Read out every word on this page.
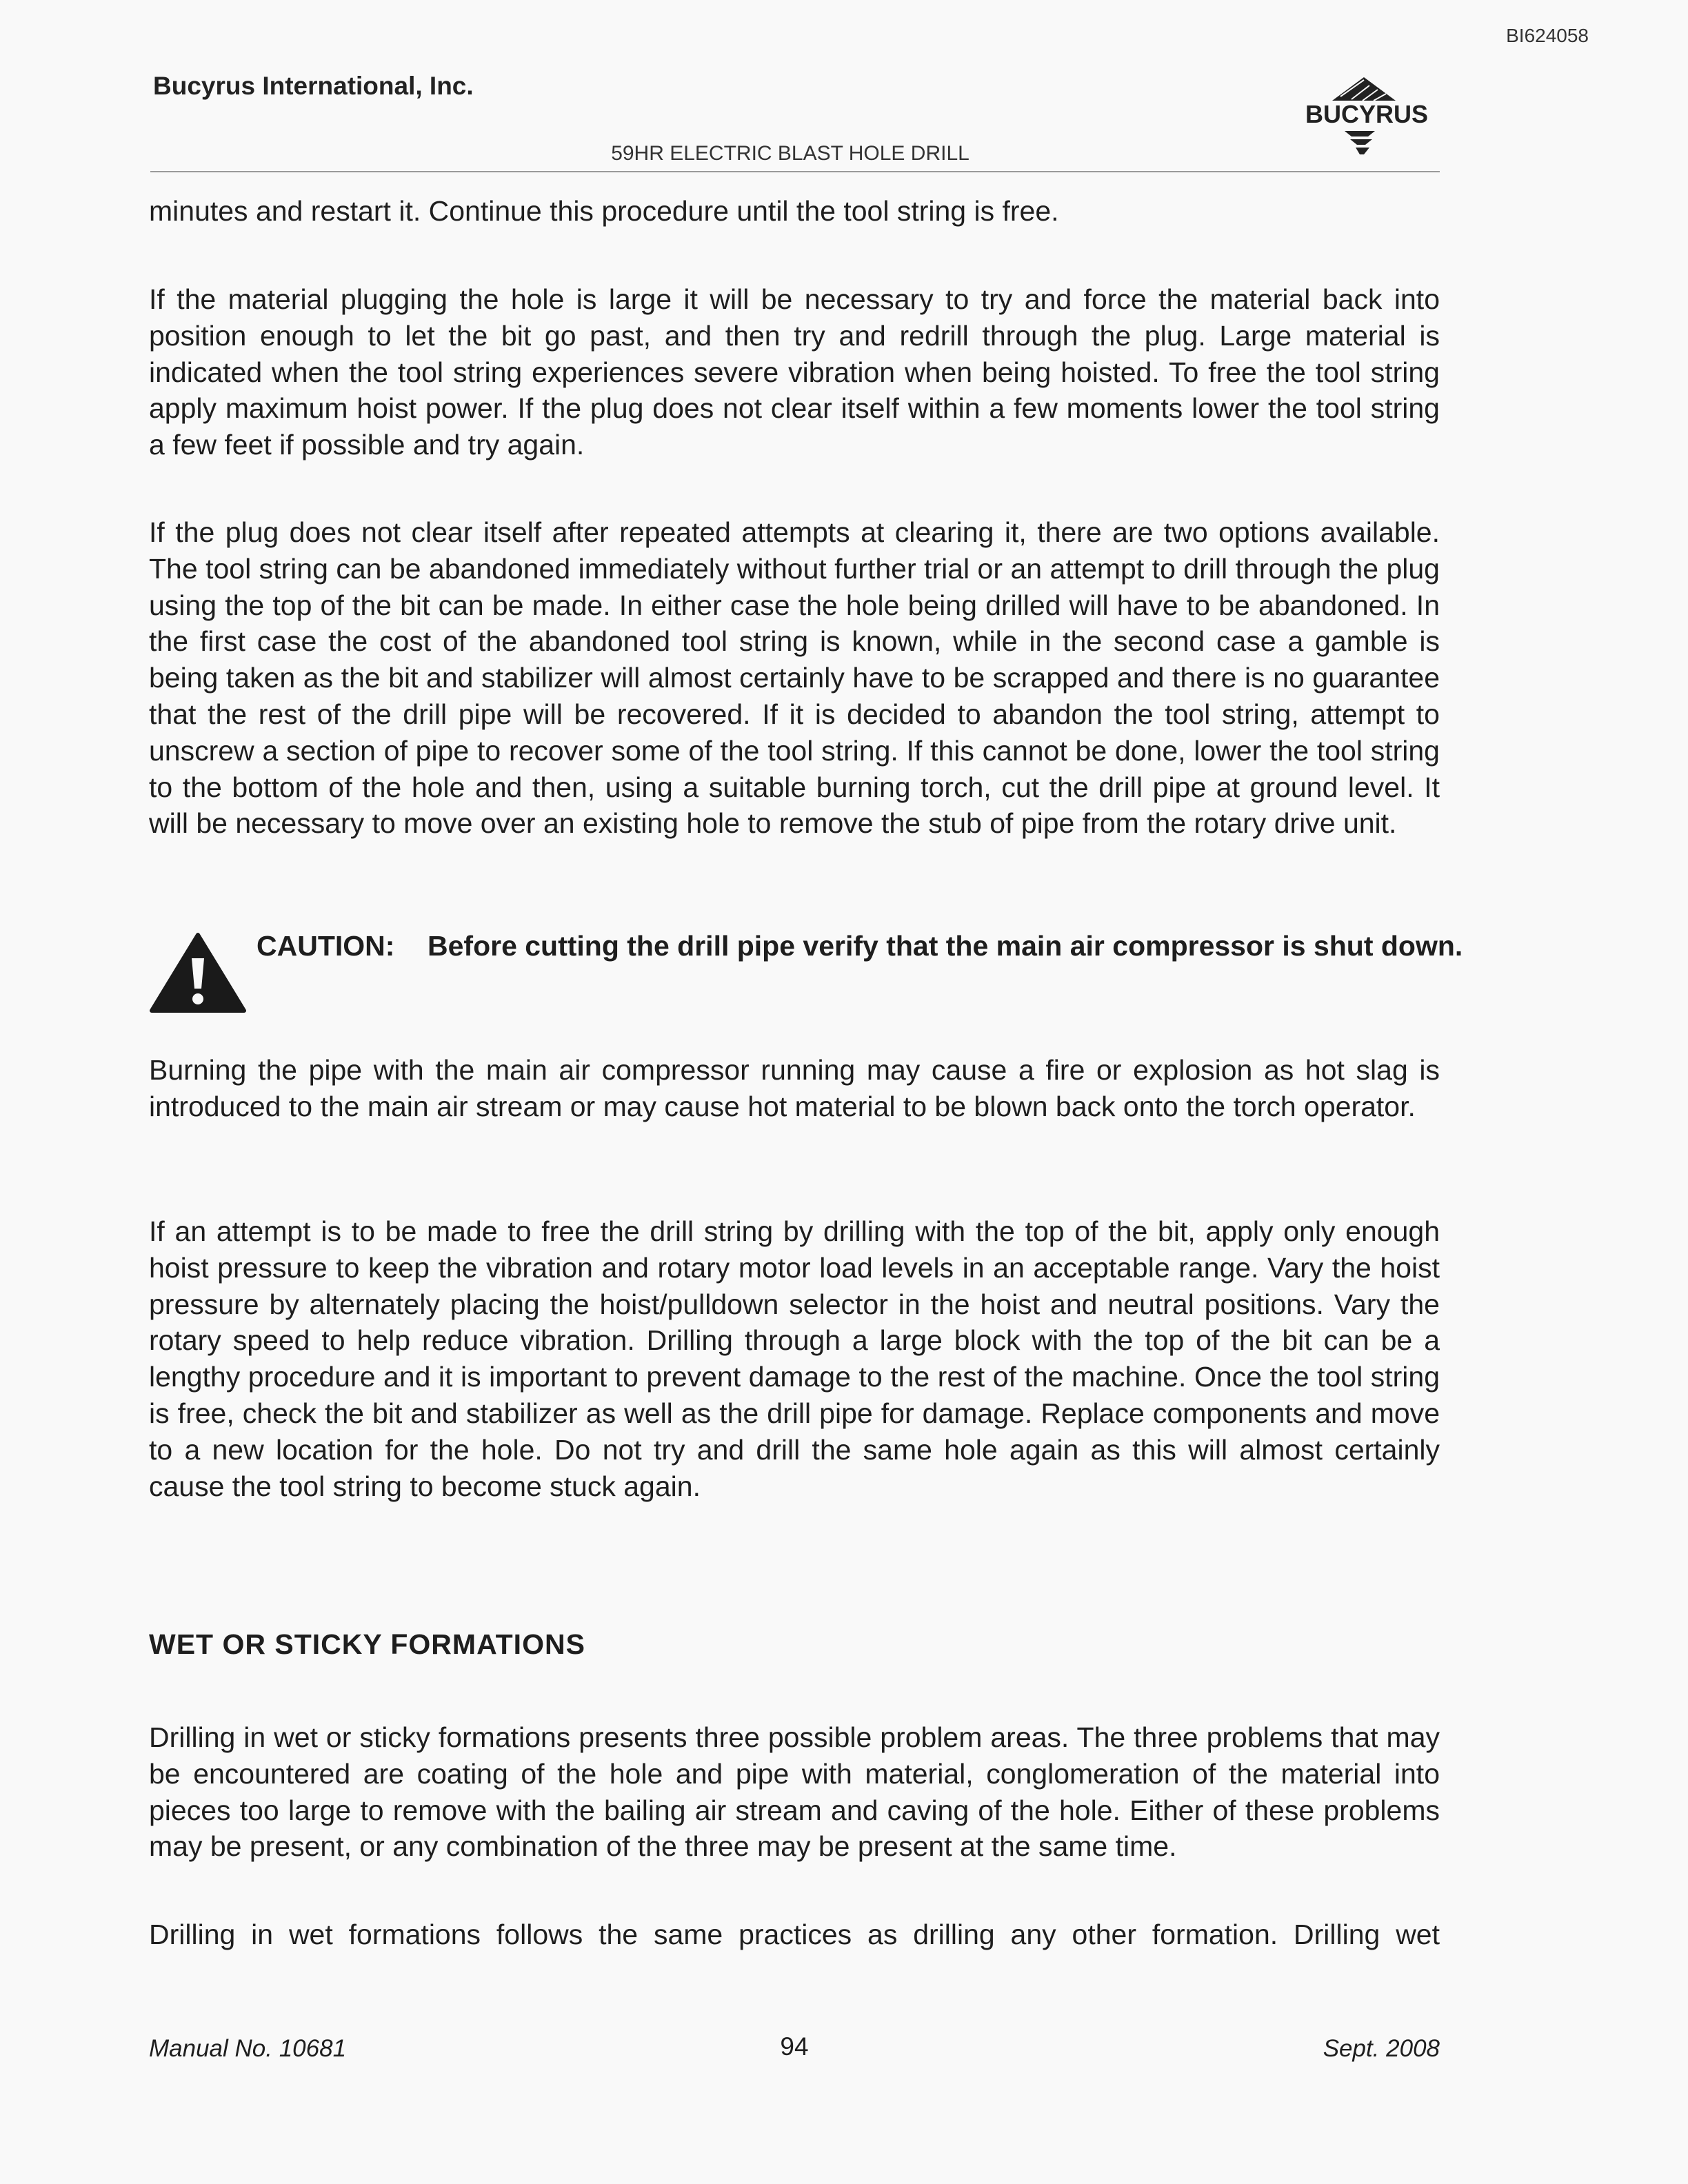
BI624058
Bucyrus International, Inc.
BUCYRUS
59HR ELECTRIC BLAST HOLE DRILL

minutes and restart it. Continue this procedure until the tool string is free.

If the material plugging the hole is large it will be necessary to try and force the material back into position enough to let the bit go past, and then try and redrill through the plug. Large material is indicated when the tool string experiences severe vibration when being hoisted. To free the tool string apply maximum hoist power. If the plug does not clear itself within a few moments lower the tool string a few feet if possible and try again.

If the plug does not clear itself after repeated attempts at clearing it, there are two options available. The tool string can be abandoned immediately without further trial or an attempt to drill through the plug using the top of the bit can be made. In either case the hole being drilled will have to be abandoned. In the first case the cost of the abandoned tool string is known, while in the second case a gamble is being taken as the bit and stabilizer will almost certainly have to be scrapped and there is no guarantee that the rest of the drill pipe will be recovered. If it is decided to abandon the tool string, attempt to unscrew a section of pipe to recover some of the tool string. If this cannot be done, lower the tool string to the bottom of the hole and then, using a suitable burning torch, cut the drill pipe at ground level. It will be necessary to move over an existing hole to remove the stub of pipe from the rotary drive unit.

CAUTION: Before cutting the drill pipe verify that the main air compressor is shut down.

Burning the pipe with the main air compressor running may cause a fire or explosion as hot slag is introduced to the main air stream or may cause hot material to be blown back onto the torch operator.

If an attempt is to be made to free the drill string by drilling with the top of the bit, apply only enough hoist pressure to keep the vibration and rotary motor load levels in an acceptable range. Vary the hoist pressure by alternately placing the hoist/pulldown selector in the hoist and neutral positions. Vary the rotary speed to help reduce vibration. Drilling through a large block with the top of the bit can be a lengthy procedure and it is important to prevent damage to the rest of the machine. Once the tool string is free, check the bit and stabilizer as well as the drill pipe for damage. Replace components and move to a new location for the hole. Do not try and drill the same hole again as this will almost certainly cause the tool string to become stuck again.

WET OR STICKY FORMATIONS

Drilling in wet or sticky formations presents three possible problem areas. The three problems that may be encountered are coating of the hole and pipe with material, conglomeration of the material into pieces too large to remove with the bailing air stream and caving of the hole. Either of these problems may be present, or any combination of the three may be present at the same time.

Drilling in wet formations follows the same practices as drilling any other formation. Drilling wet

Manual No. 10681	94	Sept. 2008
